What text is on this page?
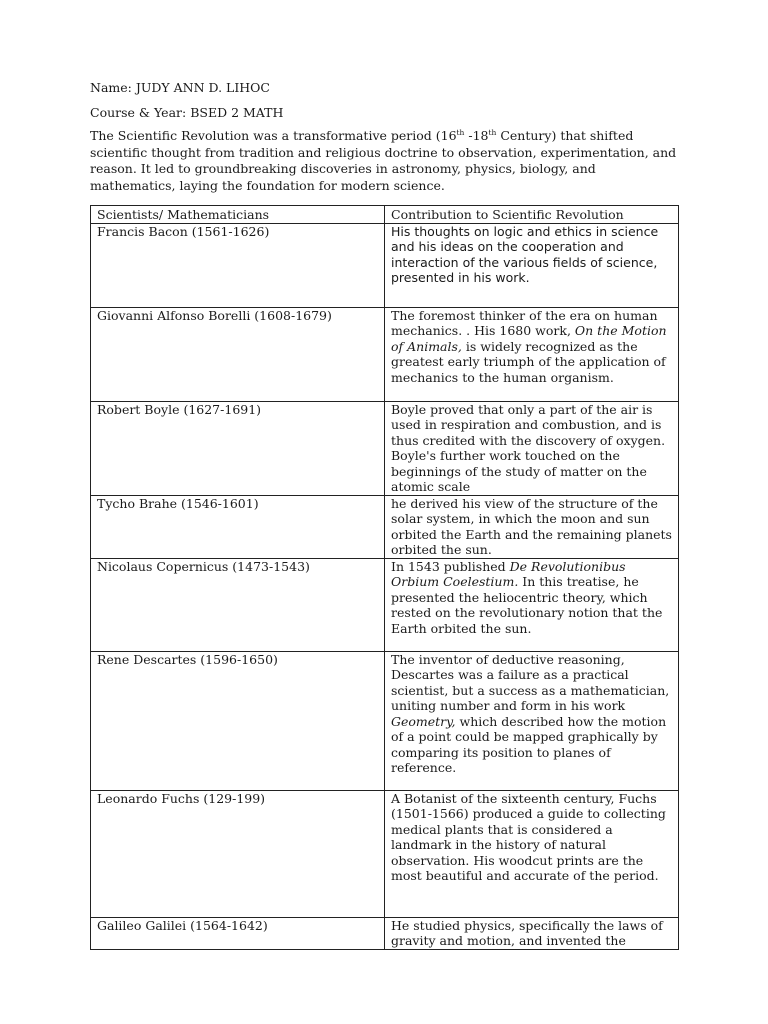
Name: JUDY ANN D. LIHOC
Course & Year: BSED 2 MATH

The Scientific Revolution was a transformative period (16th -18th Century) that shifted scientific thought from tradition and religious doctrine to observation, experimentation, and reason. It led to groundbreaking discoveries in astronomy, physics, biology, and mathematics, laying the foundation for modern science.

Scientists/ Mathematicians	Contribution to Scientific Revolution
Francis Bacon (1561-1626)	His thoughts on logic and ethics in science and his ideas on the cooperation and interaction of the various fields of science, presented in his work.
Giovanni Alfonso Borelli (1608-1679)	The foremost thinker of the era on human mechanics. . His 1680 work, On the Motion of Animals, is widely recognized as the greatest early triumph of the application of mechanics to the human organism.
Robert Boyle (1627-1691)	Boyle proved that only a part of the air is used in respiration and combustion, and is thus credited with the discovery of oxygen. Boyle's further work touched on the beginnings of the study of matter on the atomic scale
Tycho Brahe (1546-1601)	he derived his view of the structure of the solar system, in which the moon and sun orbited the Earth and the remaining planets orbited the sun.
Nicolaus Copernicus (1473-1543)	In 1543 published De Revolutionibus Orbium Coelestium. In this treatise, he presented the heliocentric theory, which rested on the revolutionary notion that the Earth orbited the sun.
Rene Descartes (1596-1650)	The inventor of deductive reasoning, Descartes was a failure as a practical scientist, but a success as a mathematician, uniting number and form in his work Geometry, which described how the motion of a point could be mapped graphically by comparing its position to planes of reference.
Leonardo Fuchs (129-199)	A Botanist of the sixteenth century, Fuchs (1501-1566) produced a guide to collecting medical plants that is considered a landmark in the history of natural observation. His woodcut prints are the most beautiful and accurate of the period.
Galileo Galilei (1564-1642)	He studied physics, specifically the laws of gravity and motion, and invented the
